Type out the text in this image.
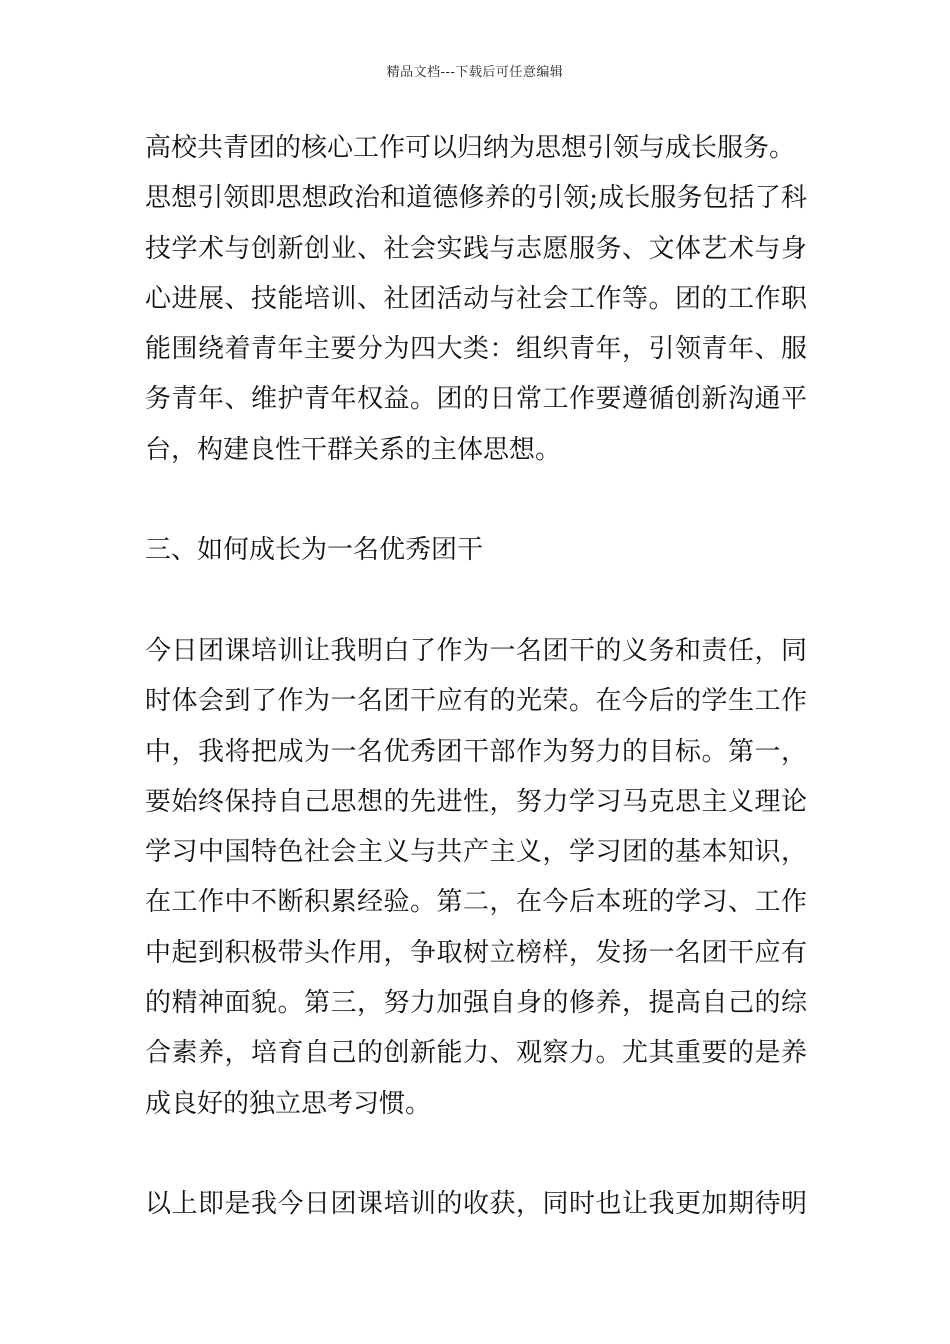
精品文档---下载后可任意编辑
高校共青团的核心工作可以归纳为思想引领与成长服务。
思想引领即思想政治和道德修养的引领;成长服务包括了科
技学术与创新创业、社会实践与志愿服务、文体艺术与身
心进展、技能培训、社团活动与社会工作等。团的工作职
能围绕着青年主要分为四大类：组织青年，引领青年、服
务青年、维护青年权益。团的日常工作要遵循创新沟通平
台，构建良性干群关系的主体思想。
三、如何成长为一名优秀团干
今日团课培训让我明白了作为一名团干的义务和责任，同
时体会到了作为一名团干应有的光荣。在今后的学生工作
中，我将把成为一名优秀团干部作为努力的目标。第一，
要始终保持自己思想的先进性，努力学习马克思主义理论
学习中国特色社会主义与共产主义，学习团的基本知识，
在工作中不断积累经验。第二，在今后本班的学习、工作
中起到积极带头作用，争取树立榜样，发扬一名团干应有
的精神面貌。第三，努力加强自身的修养，提高自己的综
合素养，培育自己的创新能力、观察力。尤其重要的是养
成良好的独立思考习惯。
以上即是我今日团课培训的收获，同时也让我更加期待明
